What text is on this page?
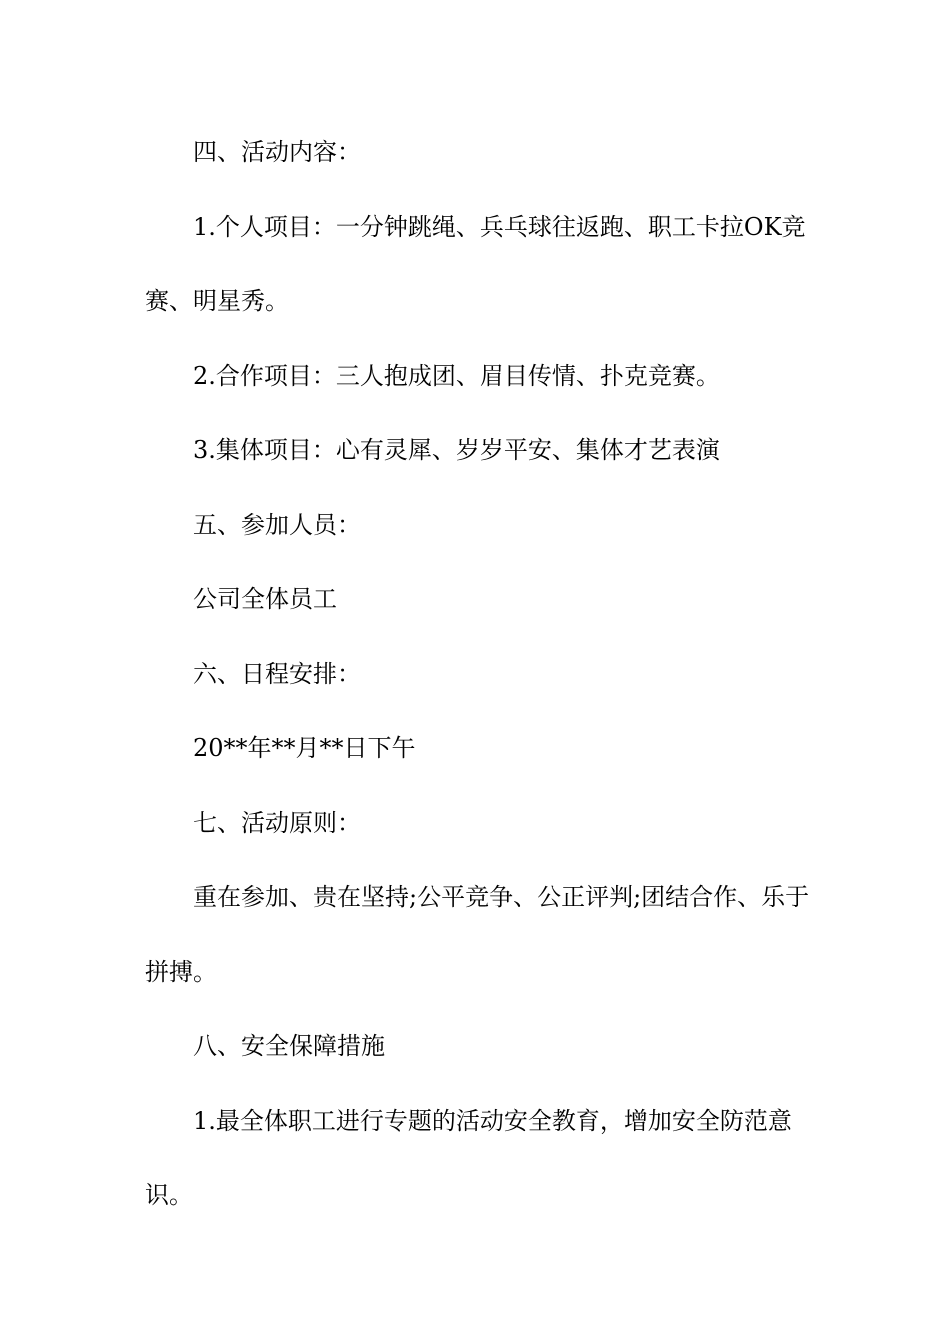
四、活动内容：

1.个人项目：一分钟跳绳、兵乓球往返跑、职工卡拉OK竞赛、明星秀。

2.合作项目：三人抱成团、眉目传情、扑克竞赛。

3.集体项目：心有灵犀、岁岁平安、集体才艺表演

五、参加人员：

公司全体员工

六、日程安排：

20**年**月**日下午

七、活动原则：

重在参加、贵在坚持;公平竞争、公正评判;团结合作、乐于拼搏。

八、安全保障措施

1.最全体职工进行专题的活动安全教育，增加安全防范意识。
